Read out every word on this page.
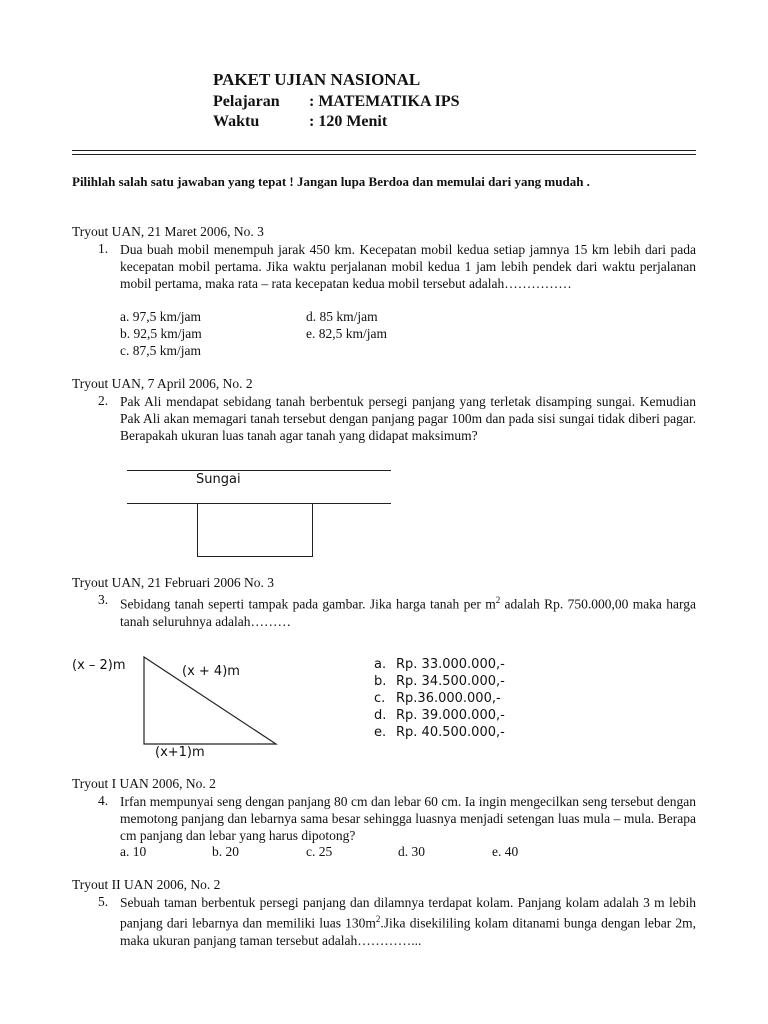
PAKET UJIAN NASIONAL
Pelajaran : MATEMATIKA IPS
Waktu	: 120 Menit
Pilihlah salah satu jawaban yang tepat ! Jangan lupa Berdoa dan memulai dari yang mudah .
Tryout UAN, 21 Maret 2006, No. 3
1. Dua buah mobil menempuh jarak 450 km. Kecepatan mobil kedua setiap jamnya 15 km lebih dari pada kecepatan mobil pertama. Jika waktu perjalanan mobil kedua 1 jam lebih pendek dari waktu perjalanan mobil pertama, maka rata – rata kecepatan kedua mobil tersebut adalah……………
a. 97,5 km/jam	d. 85 km/jam
b. 92,5 km/jam	e. 82,5 km/jam
c. 87,5 km/jam
Tryout UAN, 7 April 2006, No. 2
2. Pak Ali mendapat sebidang tanah berbentuk persegi panjang yang terletak disamping sungai. Kemudian Pak Ali akan memagari tanah tersebut dengan panjang pagar 100m dan pada sisi sungai tidak diberi pagar. Berapakah ukuran luas tanah agar tanah yang didapat maksimum?
Sungai
Tryout UAN, 21 Februari 2006 No. 3
3. Sebidang tanah seperti tampak pada gambar. Jika harga tanah per $m^2$ adalah Rp. 750.000,00 maka harga tanah seluruhnya adalah………
(x – 2)m	(x + 4)m
(x+1)m
a. Rp. 33.000.000,-
b. Rp. 34.500.000,-
c. Rp.36.000.000,-
d. Rp. 39.000.000,-
e. Rp. 40.500.000,-
Tryout I UAN 2006, No. 2
4. Irfan mempunyai seng dengan panjang 80 cm dan lebar 60 cm. Ia ingin mengecilkan seng tersebut dengan memotong panjang dan lebarnya sama besar sehingga luasnya menjadi setengan luas mula – mula. Berapa cm panjang dan lebar yang harus dipotong?
a. 10	b. 20	c. 25	d. 30	e. 40
Tryout II UAN 2006, No. 2
5. Sebuah taman berbentuk persegi panjang dan dilamnya terdapat kolam. Panjang kolam adalah 3 m lebih panjang dari lebarnya dan memiliki luas $130m^2.Jika$ disekililing kolam ditanami bunga dengan lebar 2m, maka ukuran panjang taman tersebut adalah…………...
